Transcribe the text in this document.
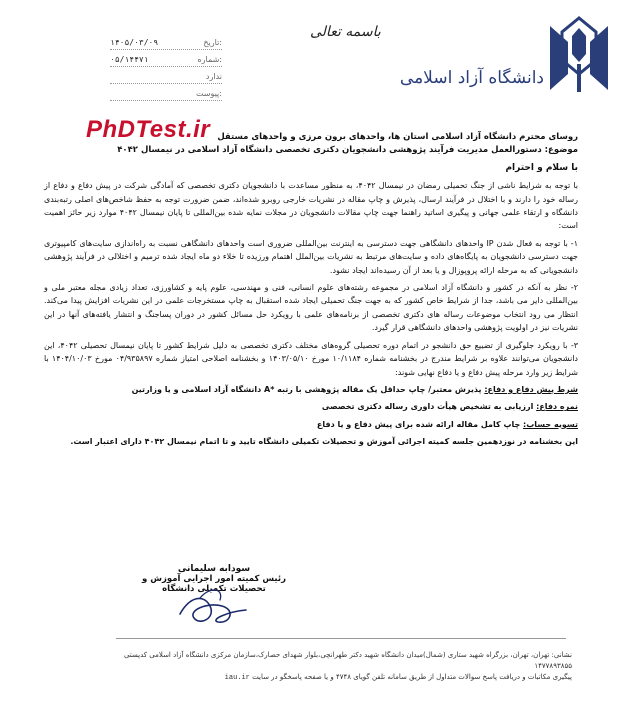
دانشگاه آزاد اسلامی
باسمه تعالی
تاریخ:
۱۴۰۵/۰۳/۰۹
شماره:
۰۵/۱۴۴۷۱
ندارد
پیوست:
PhDTest.ir روسای محترم دانشگاه آزاد اسلامی استان ها، واحدهای برون مرزی و واحدهای مستقل

موضوع: دستورالعمل مدیریت فرآیند پژوهشی دانشجویان دکتری تخصصی دانشگاه آزاد اسلامی در نیمسال ۴۰۴۲

با سلام و احترام

با توجه به شرایط ناشی از جنگ تحمیلی رمضان در نیمسال ۴۰۴۲، به منظور مساعدت با دانشجویان دکتری تخصصی که آمادگی شرکت در پیش دفاع و دفاع از رساله خود را دارند و با اختلال در فرآیند ارسال، پذیرش و چاپ مقاله در نشریات خارجی روبرو شده‌اند، ضمن ضرورت توجه به حفظ شاخص‌های اصلی رتبه‌بندی دانشگاه و ارتقاء علمی جهانی و پیگیری اساتید راهنما جهت چاپ مقالات دانشجویان در مجلات نمایه شده بین‌المللی تا پایان نیمسال ۴۰۴۲ موارد زیر حائز اهمیت است:

۱- با توجه به فعال شدن IP واحدهای دانشگاهی جهت دسترسی به اینترنت بین‌المللی ضروری است واحدهای دانشگاهی نسبت به راه‌اندازی سایت‌های کامپیوتری جهت دسترسی دانشجویان به پایگاه‌های داده و سایت‌های مرتبط به نشریات بین‌الملل اهتمام ورزیده تا خلاء دو ماه ایجاد شده ترمیم و اختلالی در فرآیند پژوهشی دانشجویانی که به مرحله ارائه پروپوزال و یا بعد از آن رسیده‌اند ایجاد نشود.

۲- نظر به آنکه در کشور و دانشگاه آزاد اسلامی در مجموعه رشته‌های علوم انسانی، فنی و مهندسی، علوم پایه و کشاورزی، تعداد زیادی مجله معتبر ملی و بین‌المللی دایر می باشد، جدا از شرایط خاص کشور که به جهت جنگ تحمیلی ایجاد شده استقبال به چاپ مستخرجات علمی در این نشریات افزایش پیدا می‌کند. انتظار می رود انتخاب موضوعات رساله های دکتری تخصصی از برنامه‌های علمی با رویکرد حل مسائل کشور در دوران پساجنگ و انتشار یافته‌های آنها در این نشریات نیز در اولویت پژوهشی واحدهای دانشگاهی قرار گیرد.

۳- با رویکرد جلوگیری از تضییع حق دانشجو در اتمام دوره تحصیلی گروه‌های مختلف دکتری تخصصی به دلیل شرایط کشور تا پایان نیمسال تحصیلی ۴۰۴۲، این دانشجویان می‌توانند علاوه بر شرایط مندرج در بخشنامه شماره ۱۰/۱۱۸۴ مورخ ۱۴۰۳/۰۵/۱۰ و بخشنامه اصلاحی امتیاز شماره ۰۴/۹۳۵۸۹۷ مورخ ۱۴۰۴/۱۰/۰۳ با شرایط زیر وارد مرحله پیش دفاع و یا دفاع نهایی شوند:

شرط پیش دفاع و دفاع: پذیرش معتبر/ چاپ حداقل یک مقاله پژوهشی با رتبه *A دانشگاه آزاد اسلامی و یا وزارتین

نمره دفاع: ارزیابی به تشخیص هیأت داوری رساله دکتری تخصصی

تسویه حساب: چاپ کامل مقاله ارائه شده برای پیش دفاع و یا دفاع

این بخشنامه در نوزدهمین جلسه کمیته اجرائی آموزش و تحصیلات تکمیلی دانشگاه تایید و تا اتمام نیمسال ۴۰۴۲ دارای اعتبار است.

سودابه سلیمانی
رئیس کمیته امور اجرایی آموزش و تحصیلات تکمیلی دانشگاه
نشانی: تهران، تهران، بزرگراه شهید ستاری (شمال)میدان دانشگاه شهید دکتر طهرانچی،بلوار شهدای حصارک،سازمان مرکزی دانشگاه آزاد اسلامی کدپستی ۱۴۷۷۸۹۳۸۵۵
پیگیری مکاتبات و دریافت پاسخ سوالات متداول از طریق سامانه تلفن گویای ۴۷۴۸ و یا صفحه پاسخگو در سایت iau.ir
